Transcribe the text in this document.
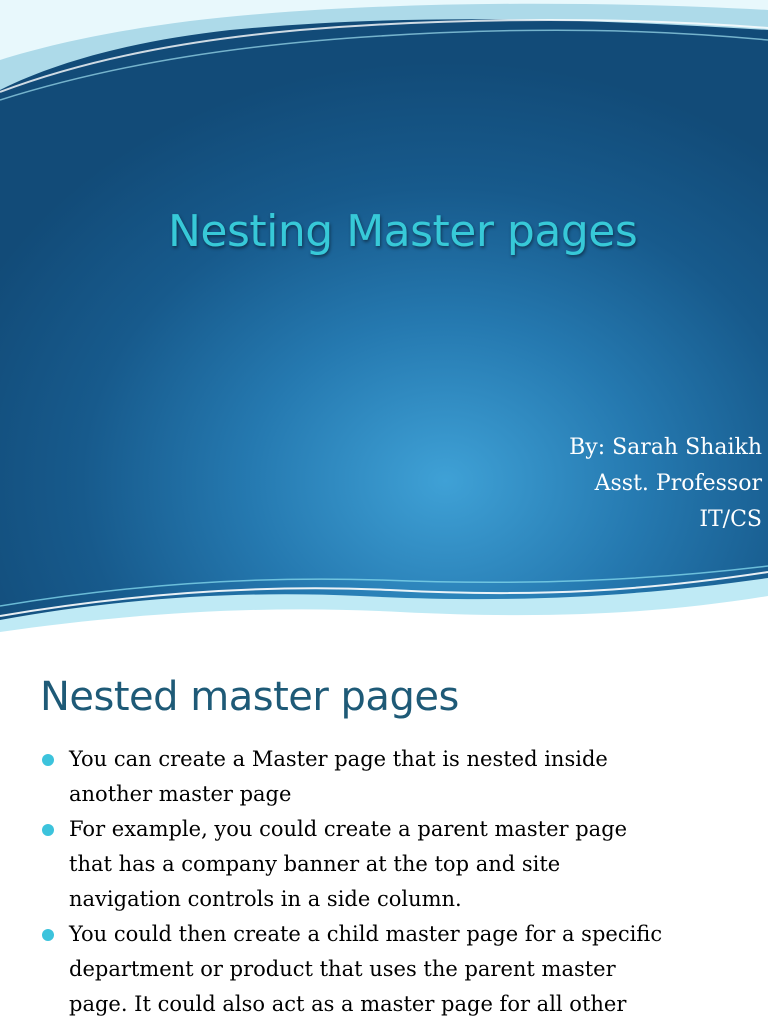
Nesting Master pages
By: Sarah Shaikh
Asst. Professor
IT/CS
Nested master pages
You can create a Master page that is nested inside
another master page
For example, you could create a parent master page
that has a company banner at the top and site
navigation controls in a side column.
You could then create a child master page for a specific
department or product that uses the parent master
page. It could also act as a master page for all other
